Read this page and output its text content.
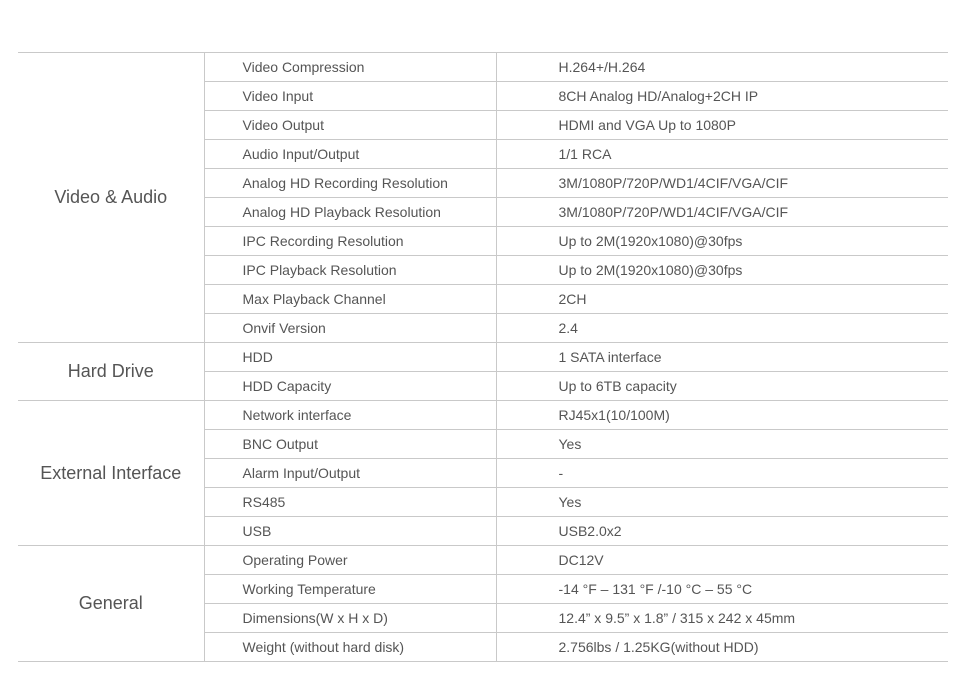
Video & Audio	Video Compression	H.264+/H.264
	Video Input	8CH Analog HD/Analog+2CH IP
	Video Output	HDMI and VGA Up to 1080P
	Audio Input/Output	1/1 RCA
	Analog HD Recording Resolution	3M/1080P/720P/WD1/4CIF/VGA/CIF
	Analog HD Playback Resolution	3M/1080P/720P/WD1/4CIF/VGA/CIF
	IPC Recording Resolution	Up to 2M(1920x1080)@30fps
	IPC Playback Resolution	Up to 2M(1920x1080)@30fps
	Max Playback Channel	2CH
	Onvif Version	2.4
Hard Drive	HDD	1 SATA interface
	HDD Capacity	Up to 6TB capacity
External Interface	Network interface	RJ45x1(10/100M)
	BNC Output	Yes
	Alarm Input/Output	-
	RS485	Yes
	USB	USB2.0x2
General	Operating Power	DC12V
	Working Temperature	-14 °F – 131 °F /-10 °C – 55 °C
	Dimensions(W x H x D)	12.4” x 9.5” x 1.8” / 315 x 242 x 45mm
	Weight (without hard disk)	2.756lbs / 1.25KG(without HDD)
